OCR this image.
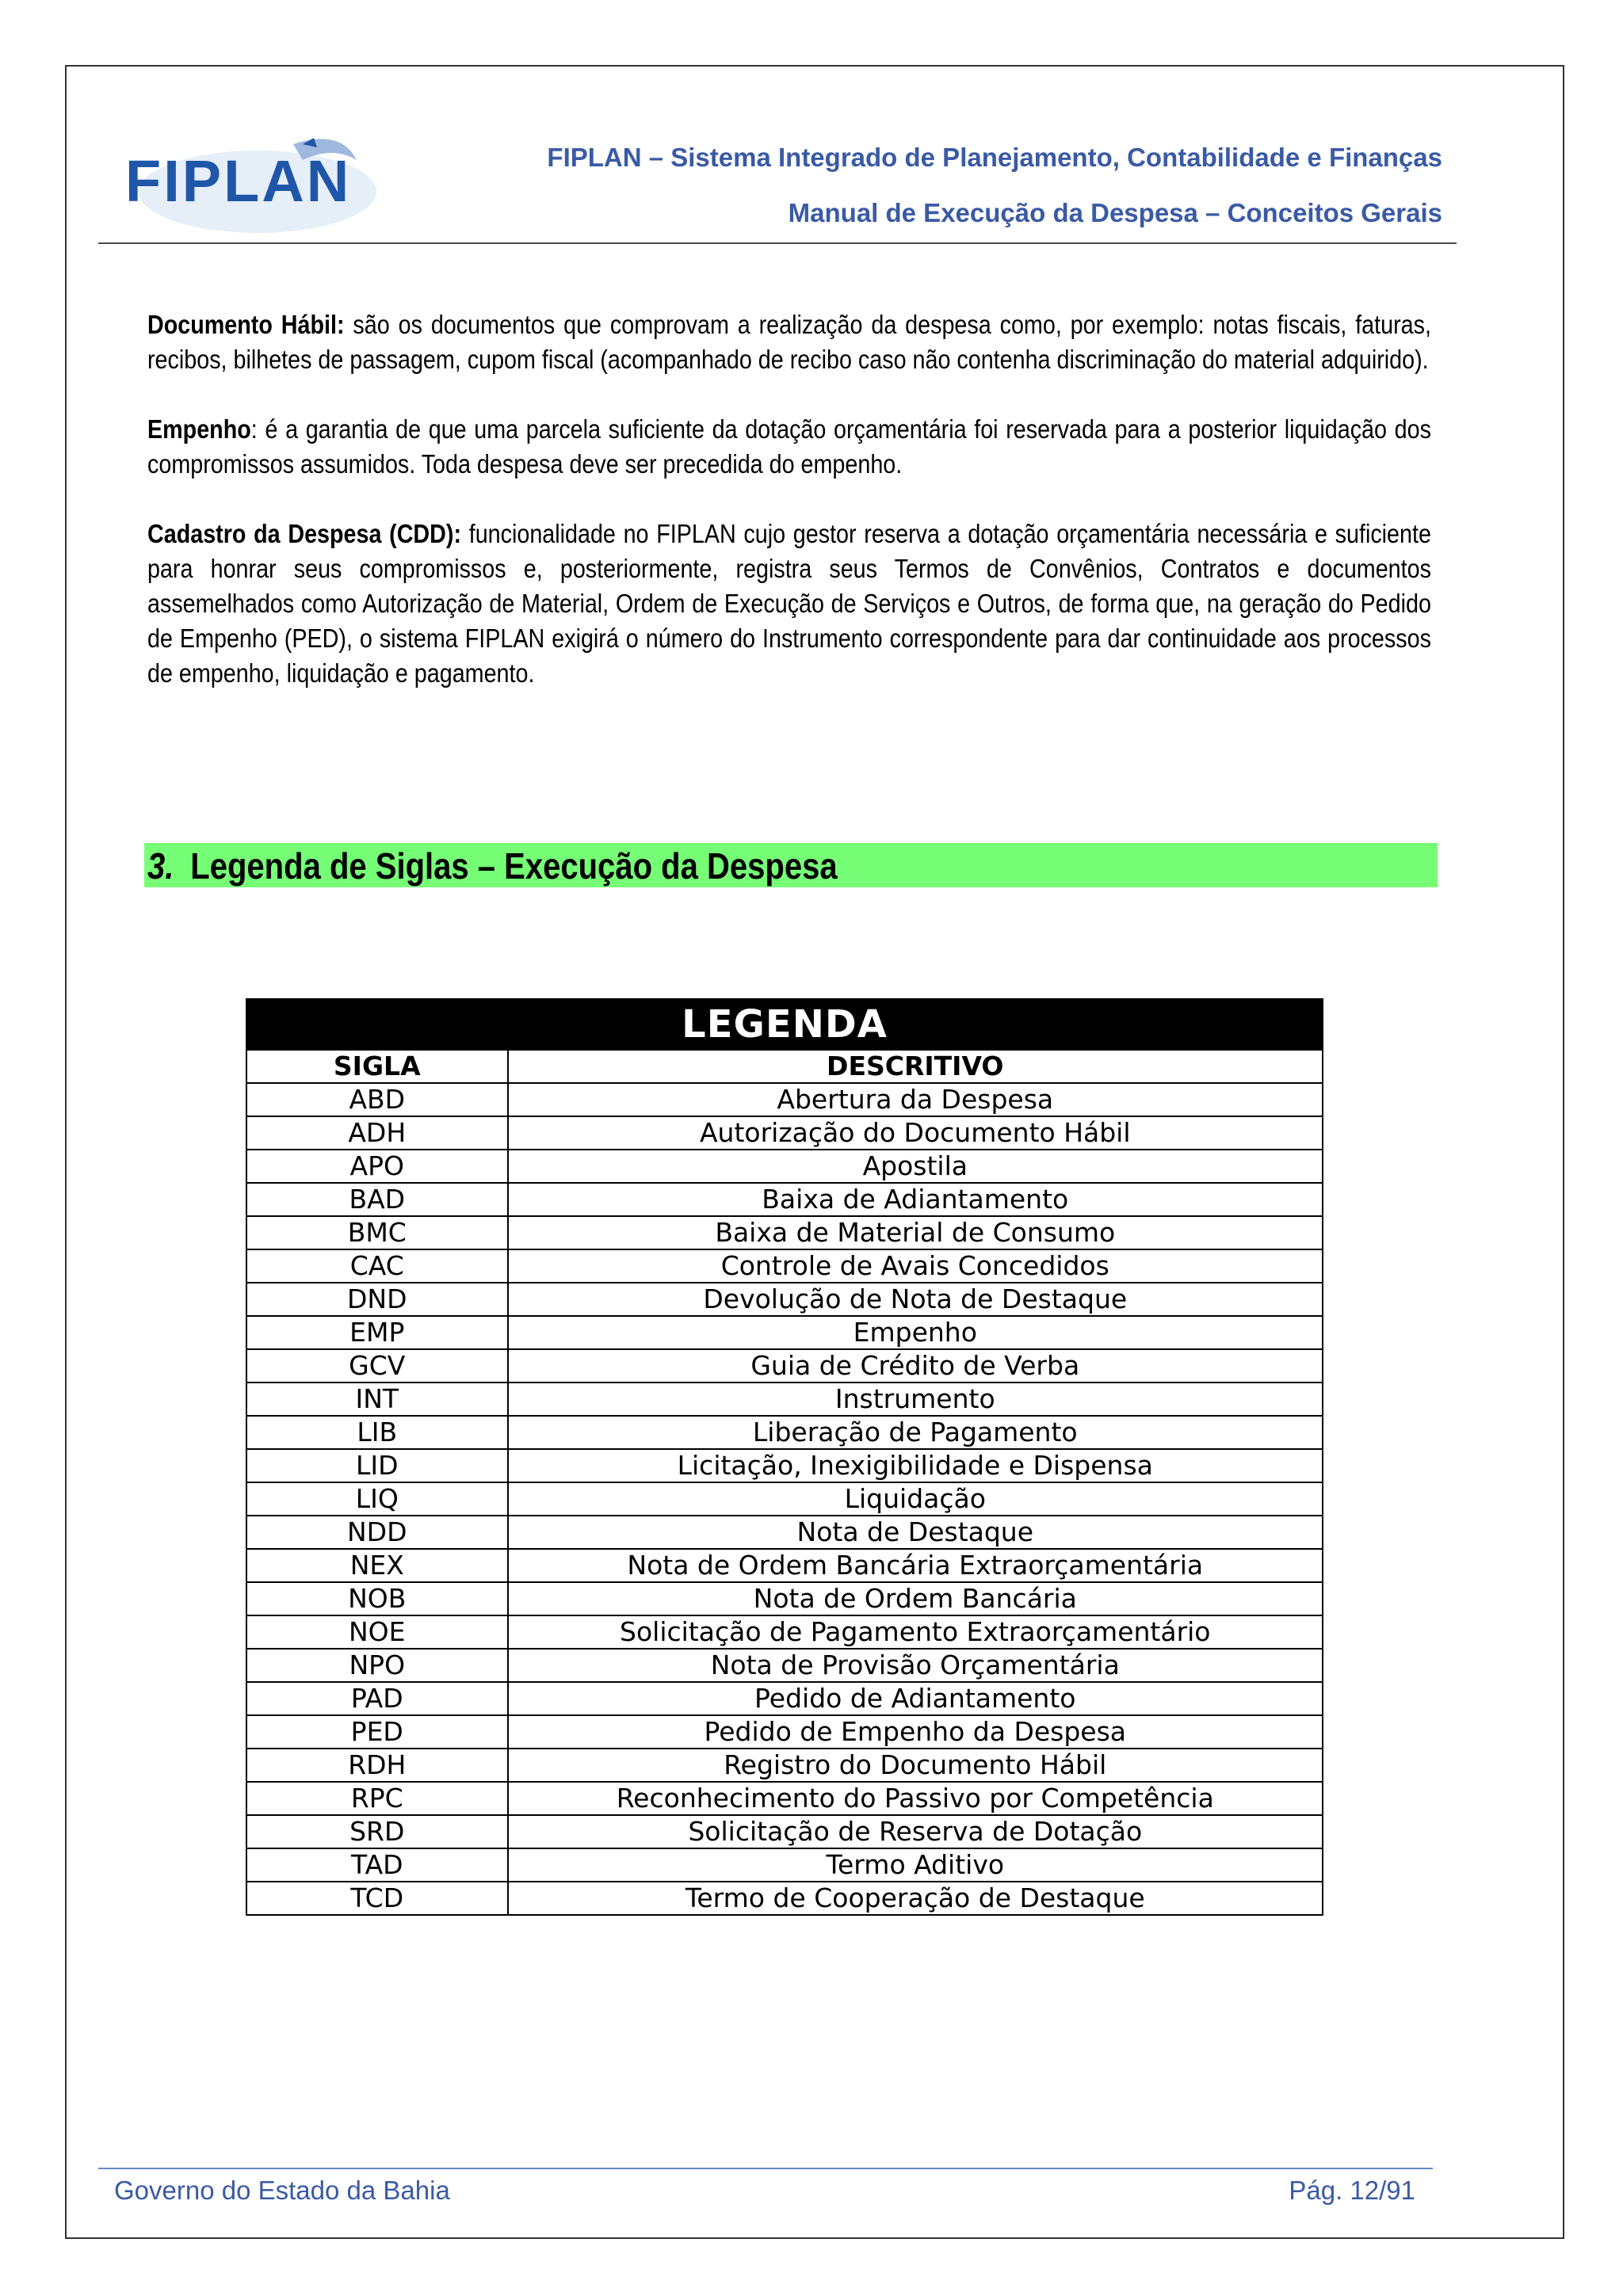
FIPLAN	FIPLAN – Sistema Integrado de Planejamento, Contabilidade e Finanças
Manual de Execução da Despesa – Conceitos Gerais

Documento Hábil: são os documentos que comprovam a realização da despesa como, por exemplo: notas fiscais, faturas, recibos, bilhetes de passagem, cupom fiscal (acompanhado de recibo caso não contenha discriminação do material adquirido).

Empenho: é a garantia de que uma parcela suficiente da dotação orçamentária foi reservada para a posterior liquidação dos compromissos assumidos. Toda despesa deve ser precedida do empenho.

Cadastro da Despesa (CDD): funcionalidade no FIPLAN cujo gestor reserva a dotação orçamentária necessária e suficiente para honrar seus compromissos e, posteriormente, registra seus Termos de Convênios, Contratos e documentos assemelhados como Autorização de Material, Ordem de Execução de Serviços e Outros, de forma que, na geração do Pedido de Empenho (PED), o sistema FIPLAN exigirá o número do Instrumento correspondente para dar continuidade aos processos de empenho, liquidação e pagamento.

3. Legenda de Siglas – Execução da Despesa
LEGENDA	
SIGLA	DESCRITIVO
ABD	Abertura da Despesa
ADH	Autorização do Documento Hábil
APO	Apostila
BAD	Baixa de Adiantamento
BMC	Baixa de Material de Consumo
CAC	Controle de Avais Concedidos
DND	Devolução de Nota de Destaque
EMP	Empenho
GCV	Guia de Crédito de Verba
INT	Instrumento
LIB	Liberação de Pagamento
LID	Licitação, Inexigibilidade e Dispensa
LIQ	Liquidação
NDD	Nota de Destaque
NEX	Nota de Ordem Bancária Extraorçamentária
NOB	Nota de Ordem Bancária
NOE	Solicitação de Pagamento Extraorçamentário
NPO	Nota de Provisão Orçamentária
PAD	Pedido de Adiantamento
PED	Pedido de Empenho da Despesa
RDH	Registro do Documento Hábil
RPC	Reconhecimento do Passivo por Competência
SRD	Solicitação de Reserva de Dotação
TAD	Termo Aditivo
TCD	Termo de Cooperação de Destaque
Governo do Estado da Bahia	Pág. 12/91
